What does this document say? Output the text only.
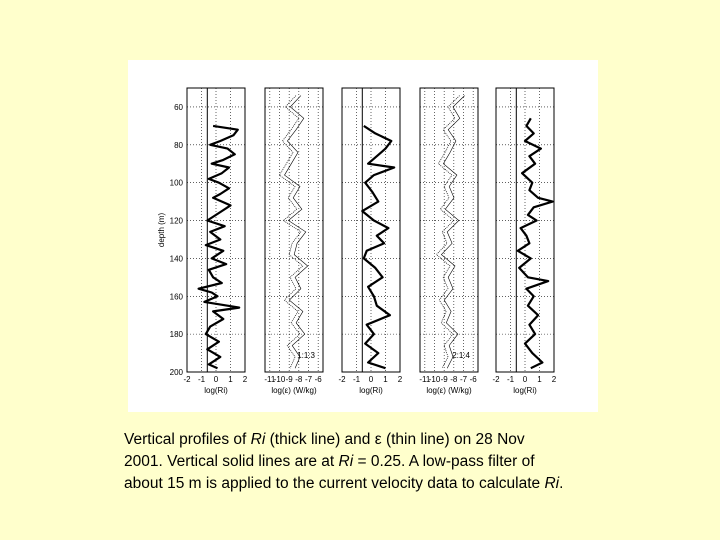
60
80
100
120
140
160
180
200
depth (m)
-2 -1 0 1 2
log(Ri)
-11
-10 -9 -8 -7 -6
log(ε) (W/kg)
1:1:3
-2 -1 0 1 2
log(Ri)
-11
-10 -9 -8 -7 -6
log(ε) (W/kg)
2:1:4
-2 -1 0 1 2
log(Ri)
Vertical profiles of Ri (thick line) and ε (thin line) on 28 Nov
2001. Vertical solid lines are at Ri = 0.25. A low-pass filter of
about 15 m is applied to the current velocity data to calculate Ri.
